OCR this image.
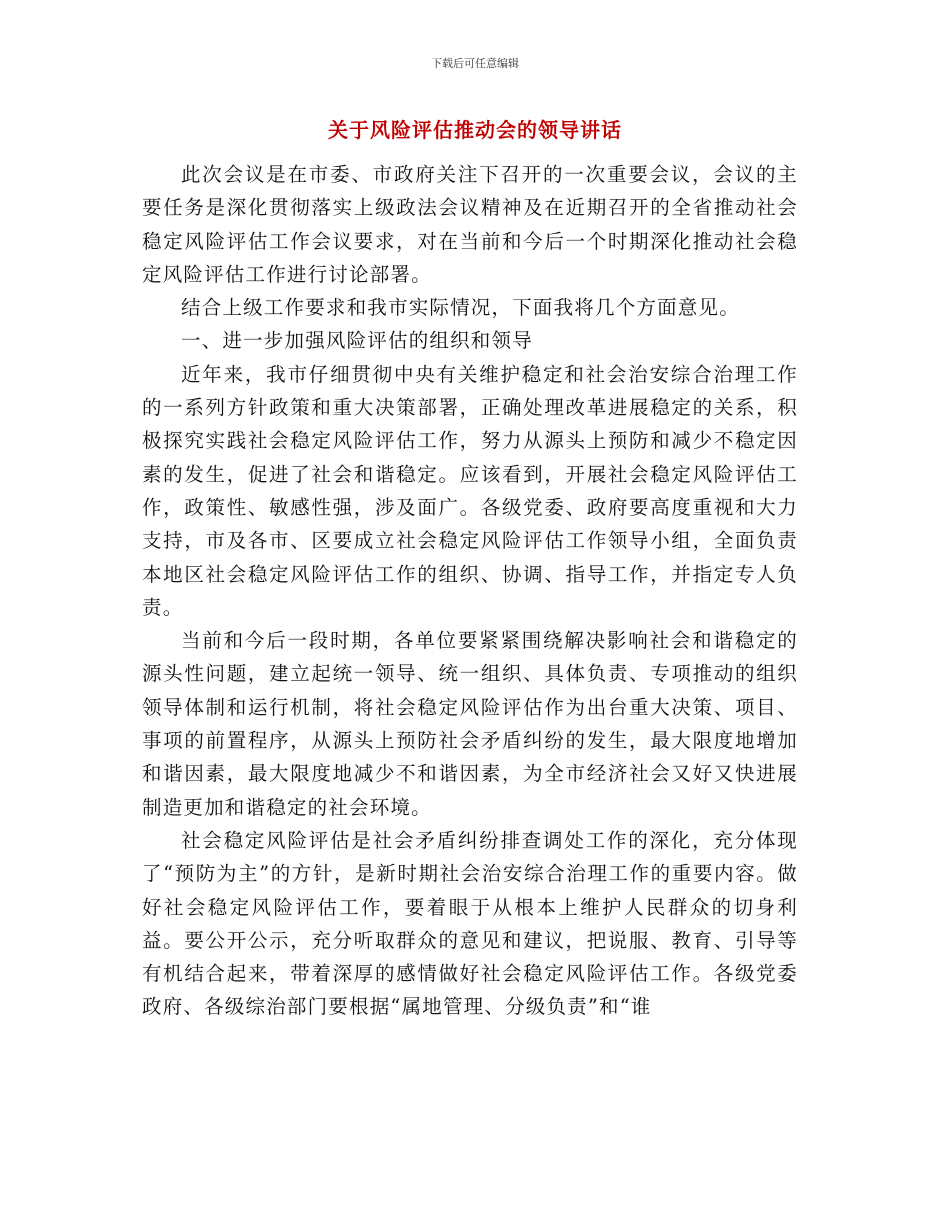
下载后可任意编辑
关于风险评估推动会的领导讲话

此次会议是在市委、市政府关注下召开的一次重要会议，会议的主要任务是深化贯彻落实上级政法会议精神及在近期召开的全省推动社会稳定风险评估工作会议要求，对在当前和今后一个时期深化推动社会稳定风险评估工作进行讨论部署。

结合上级工作要求和我市实际情况，下面我将几个方面意见。

一、进一步加强风险评估的组织和领导

近年来，我市仔细贯彻中央有关维护稳定和社会治安综合治理工作的一系列方针政策和重大决策部署，正确处理改革进展稳定的关系，积极探究实践社会稳定风险评估工作，努力从源头上预防和减少不稳定因素的发生，促进了社会和谐稳定。应该看到，开展社会稳定风险评估工作，政策性、敏感性强，涉及面广。各级党委、政府要高度重视和大力支持，市及各市、区要成立社会稳定风险评估工作领导小组，全面负责本地区社会稳定风险评估工作的组织、协调、指导工作，并指定专人负责。

当前和今后一段时期，各单位要紧紧围绕解决影响社会和谐稳定的源头性问题，建立起统一领导、统一组织、具体负责、专项推动的组织领导体制和运行机制，将社会稳定风险评估作为出台重大决策、项目、事项的前置程序，从源头上预防社会矛盾纠纷的发生，最大限度地增加和谐因素，最大限度地减少不和谐因素，为全市经济社会又好又快进展制造更加和谐稳定的社会环境。

社会稳定风险评估是社会矛盾纠纷排查调处工作的深化，充分体现了“预防为主”的方针，是新时期社会治安综合治理工作的重要内容。做好社会稳定风险评估工作，要着眼于从根本上维护人民群众的切身利益。要公开公示，充分听取群众的意见和建议，把说服、教育、引导等有机结合起来，带着深厚的感情做好社会稳定风险评估工作。各级党委政府、各级综治部门要根据“属地管理、分级负责”和“谁
